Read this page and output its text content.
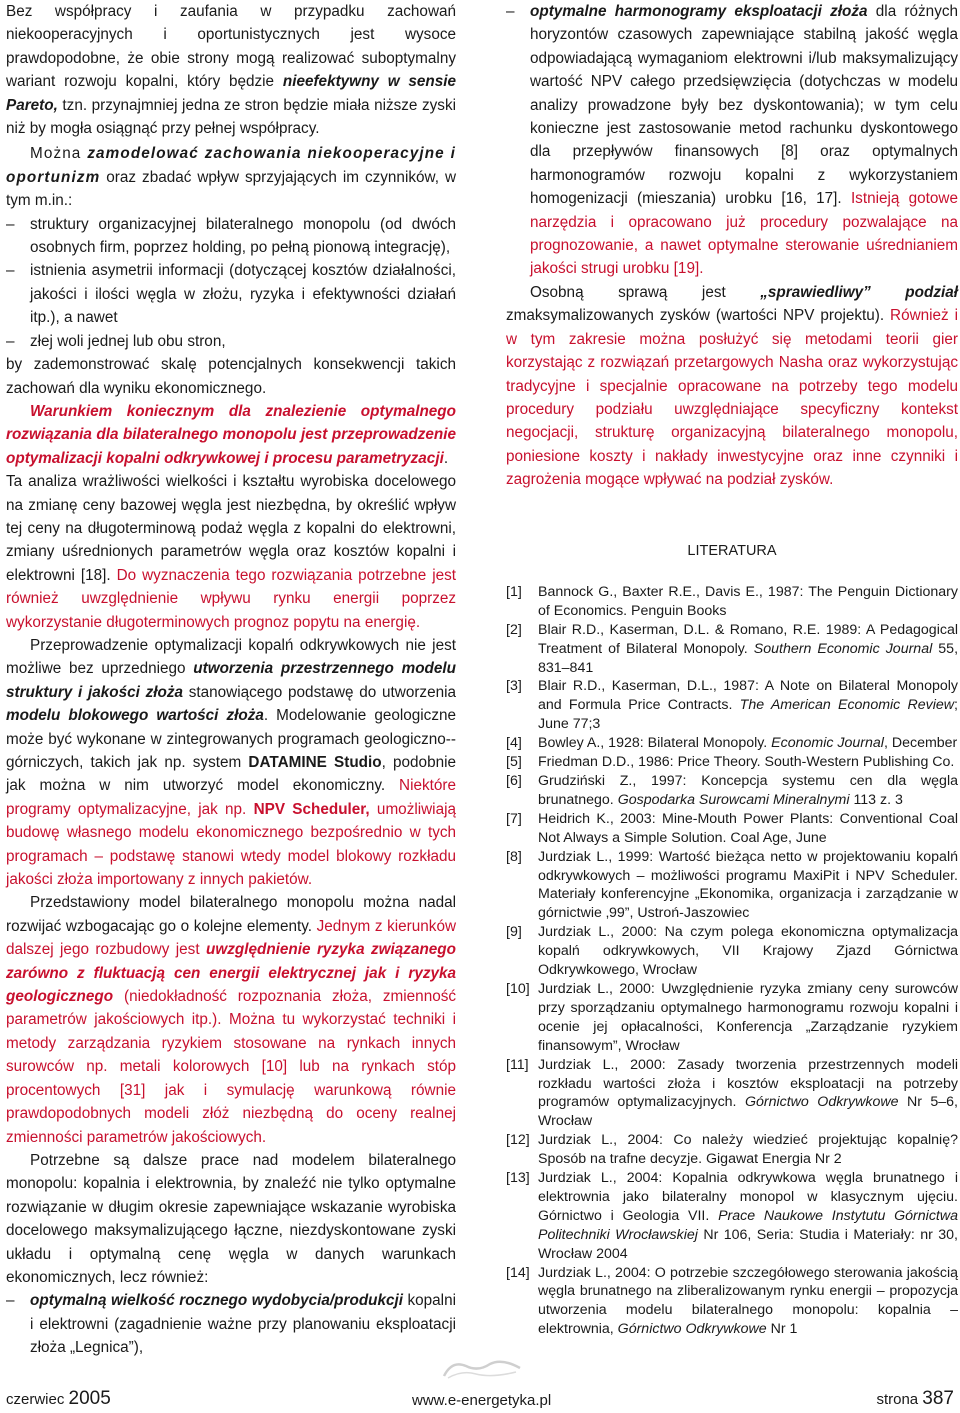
Bez współpracy i zaufania w przypadku zachowań niekooperacyjnych i oportunistycznych jest wysoce prawdopodobne, że obie strony mogą realizować suboptymalny wariant rozwoju kopalni, który będzie nieefektywny w sensie Pareto, tzn. przynajmniej jedna ze stron będzie miała niższe zyski niż by mogła osiągnąć przy pełnej współpracy.

Można zamodelować zachowania niekooperacyjne i oportunizm oraz zbadać wpływ sprzyjających im czynników, w tym m.in.:

– struktury organizacyjnej bilateralnego monopolu (od dwóch osobnych firm, poprzez holding, po pełną pionową integrację),

– istnienia asymetrii informacji (dotyczącej kosztów działalności, jakości i ilości węgla w złożu, ryzyka i efektywności działań itp.), a nawet

– złej woli jednej lub obu stron,

by zademonstrować skalę potencjalnych konsekwencji takich zachowań dla wyniku ekonomicznego.

Warunkiem koniecznym dla znalezienie optymalnego rozwiązania dla bilateralnego monopolu jest przeprowadzenie optymalizacji kopalni odkrywkowej i procesu parametryzacji.

Ta analiza wrażliwości wielkości i kształtu wyrobiska docelowego na zmianę ceny bazowej węgla jest niezbędna, by określić wpływ tej ceny na długoterminową podaż węgla z kopalni do elektrowni, zmiany uśrednionych parametrów węgla oraz kosztów kopalni i elektrowni [18]. Do wyznaczenia tego rozwiązania potrzebne jest również uwzględnienie wpływu rynku energii poprzez wykorzystanie długoterminowych prognoz popytu na energię.

Przeprowadzenie optymalizacji kopalń odkrywkowych nie jest możliwe bez uprzedniego utworzenia przestrzennego modelu struktury i jakości złoża stanowiącego podstawę do utworzenia modelu blokowego wartości złoża. Modelowanie geologiczne może być wykonane w zintegrowanych programach geologiczno--górniczych, takich jak np. system DATAMINE Studio, podobnie jak można w nim utworzyć model ekonomiczny. Niektóre programy optymalizacyjne, jak np. NPV Scheduler, umożliwiają budowę własnego modelu ekonomicznego bezpośrednio w tych programach – podstawę stanowi wtedy model blokowy rozkładu jakości złoża importowany z innych pakietów.

Przedstawiony model bilateralnego monopolu można nadal rozwijać wzbogacając go o kolejne elementy. Jednym z kierunków dalszej jego rozbudowy jest uwzględnienie ryzyka związanego zarówno z fluktuacją cen energii elektrycznej jak i ryzyka geologicznego (niedokładność rozpoznania złoża, zmienność parametrów jakościowych itp.). Można tu wykorzystać techniki i metody zarządzania ryzykiem stosowane na rynkach innych surowców np. metali kolorowych [10] lub na rynkach stóp procentowych [31] jak i symulację warunkową równie prawdopodobnych modeli złóż niezbędną do oceny realnej zmienności parametrów jakościowych.

Potrzebne są dalsze prace nad modelem bilateralnego monopolu: kopalnia i elektrownia, by znaleźć nie tylko optymalne rozwiązanie w długim okresie zapewniające wskazanie wyrobiska docelowego maksymalizującego łączne, niezdyskontowane zyski układu i optymalną cenę węgla w danych warunkach ekonomicznych, lecz również:

– optymalną wielkość rocznego wydobycia/produkcji kopalni i elektrowni (zagadnienie ważne przy planowaniu eksploatacji złoża „Legnica”),

– optymalne harmonogramy eksploatacji złoża dla różnych horyzontów czasowych zapewniające stabilną jakość węgla odpowiadającą wymaganiom elektrowni i/lub maksymalizujący wartość NPV całego przedsięwzięcia (dotychczas w modelu analizy prowadzone były bez dyskontowania); w tym celu konieczne jest zastosowanie metod rachunku dyskontowego dla przepływów finansowych [8] oraz optymalnych harmonogramów rozwoju kopalni z wykorzystaniem homogenizacji (mieszania) urobku [16, 17]. Istnieją gotowe narzędzia i opracowano już procedury pozwalające na prognozowanie, a nawet optymalne sterowanie uśrednianiem jakości strugi urobku [19].

Osobną sprawą jest „sprawiedliwy” podział zmaksymalizowanych zysków (wartości NPV projektu). Również i w tym zakresie można posłużyć się metodami teorii gier korzystając z rozwiązań przetargowych Nasha oraz wykorzystując tradycyjne i specjalnie opracowane na potrzeby tego modelu procedury podziału uwzględniające specyficzny kontekst negocjacji, strukturę organizacyjną bilateralnego monopolu, poniesione koszty i nakłady inwestycyjne oraz inne czynniki i zagrożenia mogące wpływać na podział zysków.

LITERATURA
[1]	Bannock G., Baxter R.E., Davis E., 1987: The Penguin Dictionary of Economics. Penguin Books
[2]	Blair R.D., Kaserman, D.L. & Romano, R.E. 1989: A Pedagogical Treatment of Bilateral Monopoly. Southern Economic Journal 55, 831–841
[3]	Blair R.D., Kaserman, D.L., 1987: A Note on Bilateral Monopoly and Formula Price Contracts. The American Economic Review; June 77;3
[4]	Bowley A., 1928: Bilateral Monopoly. Economic Journal, December
[5]	Friedman D.D., 1986: Price Theory. South-Western Publishing Co.
[6]	Grudziński Z., 1997: Koncepcja systemu cen dla węgla brunatnego. Gospodarka Surowcami Mineralnymi 113 z. 3
[7]	Heidrich K., 2003: Mine-Mouth Power Plants: Conventional Coal Not Always a Simple Solution. Coal Age, June
[8]	Jurdziak L., 1999: Wartość bieżąca netto w projektowaniu kopalń odkrywkowych – możliwości programu MaxiPit i NPV Scheduler. Materiały konferencyjne „Ekonomika, organizacja i zarządzanie w górnictwie ‚99”, Ustroń-Jaszowiec
[9]	Jurdziak L., 2000: Na czym polega ekonomiczna optymalizacja kopalń odkrywkowych, VII Krajowy Zjazd Górnictwa Odkrywkowego, Wrocław
[10] Jurdziak L., 2000: Uwzględnienie ryzyka zmiany ceny surowców przy sporządzaniu optymalnego harmonogramu rozwoju kopalni i ocenie jej opłacalności, Konferencja „Zarządzanie ryzykiem finansowym”, Wrocław
[11] Jurdziak L., 2000: Zasady tworzenia przestrzennych modeli rozkładu wartości złoża i kosztów eksploatacji na potrzeby programów optymalizacyjnych. Górnictwo Odkrywkowe Nr 5–6, Wrocław
[12] Jurdziak L., 2004: Co należy wiedzieć projektując kopalnię? Sposób na trafne decyzje. Gigawat Energia Nr 2
[13] Jurdziak L., 2004: Kopalnia odkrywkowa węgla brunatnego i elektrownia jako bilateralny monopol w klasycznym ujęciu. Górnictwo i Geologia VII. Prace Naukowe Instytutu Górnictwa Politechniki Wrocławskiej Nr 106, Seria: Studia i Materiały: nr 30, Wrocław 2004
[14] Jurdziak L., 2004: O potrzebie szczegółowego sterowania jakością węgla brunatnego na zliberalizowanym rynku energii – propozycja utworzenia modelu bilateralnego monopolu: kopalnia – elektrownia, Górnictwo Odkrywkowe Nr 1
czerwiec 2005	www.e-energetyka.pl	strona 387
